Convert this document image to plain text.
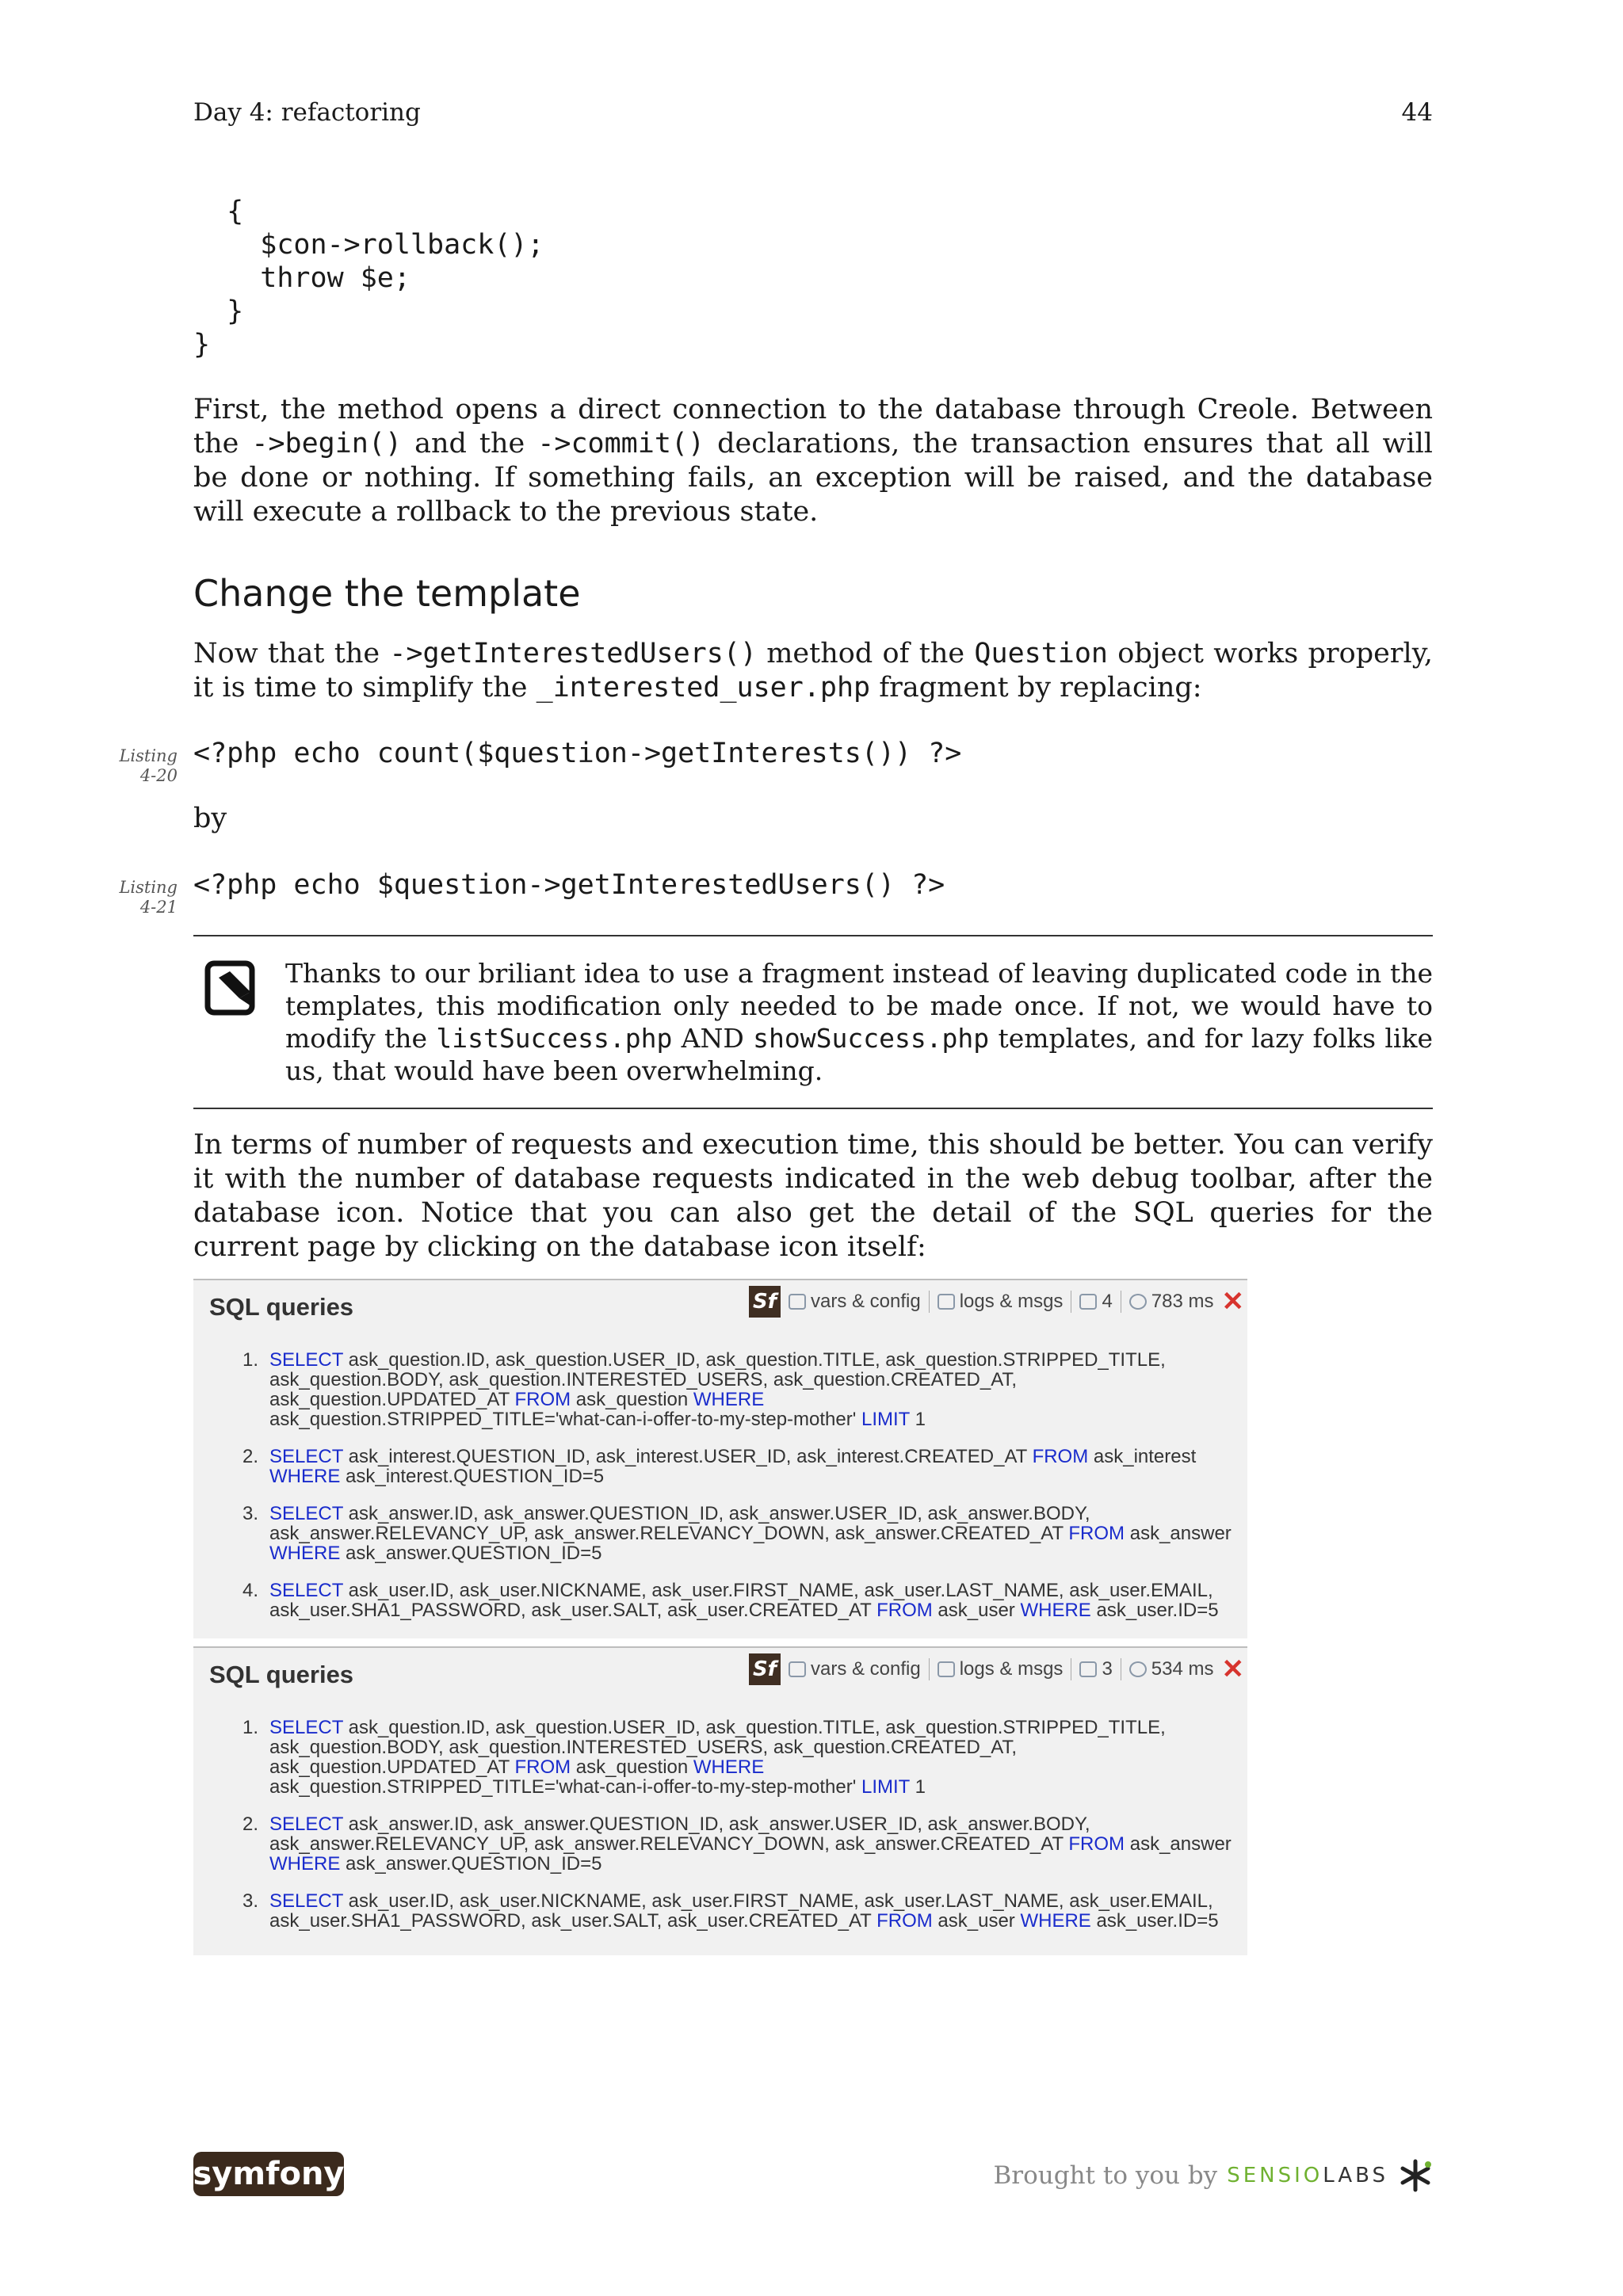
Day 4: refactoring	44
{
$con->rollback();
throw $e;
}
}
First, the method opens a direct connection to the database through Creole. Between the ->begin() and the ->commit() declarations, the transaction ensures that all will be done or nothing. If something fails, an exception will be raised, and the database will execute a rollback to the previous state.
Change the template
Now that the ->getInterestedUsers() method of the Question object works properly, it is time to simplify the _interested_user.php fragment by replacing:
Listing
4-20
<?php echo count($question->getInterests()) ?>
by
Listing
4-21
<?php echo $question->getInterestedUsers() ?>
Thanks to our briliant idea to use a fragment instead of leaving duplicated code in the templates, this modification only needed to be made once. If not, we would have to modify the listSuccess.php AND showSuccess.php templates, and for lazy folks like us, that would have been overwhelming.
In terms of number of requests and execution time, this should be better. You can verify it with the number of database requests indicated in the web debug toolbar, after the database icon. Notice that you can also get the detail of the SQL queries for the current page by clicking on the database icon itself:
SQL queries	Sf vars & config logs & msgs 4 783 ms ✕
1. SELECT ask_question.ID, ask_question.USER_ID, ask_question.TITLE, ask_question.STRIPPED_TITLE,
ask_question.BODY, ask_question.INTERESTED_USERS, ask_question.CREATED_AT,
ask_question.UPDATED_AT FROM ask_question WHERE
ask_question.STRIPPED_TITLE='what-can-i-offer-to-my-step-mother' LIMIT 1
2. SELECT ask_interest.QUESTION_ID, ask_interest.USER_ID, ask_interest.CREATED_AT FROM ask_interest
WHERE ask_interest.QUESTION_ID=5
3. SELECT ask_answer.ID, ask_answer.QUESTION_ID, ask_answer.USER_ID, ask_answer.BODY,
ask_answer.RELEVANCY_UP, ask_answer.RELEVANCY_DOWN, ask_answer.CREATED_AT FROM ask_answer
WHERE ask_answer.QUESTION_ID=5
4. SELECT ask_user.ID, ask_user.NICKNAME, ask_user.FIRST_NAME, ask_user.LAST_NAME, ask_user.EMAIL,
ask_user.SHA1_PASSWORD, ask_user.SALT, ask_user.CREATED_AT FROM ask_user WHERE ask_user.ID=5
SQL queries	Sf vars & config logs & msgs 3 534 ms ✕
1. SELECT ask_question.ID, ask_question.USER_ID, ask_question.TITLE, ask_question.STRIPPED_TITLE,
ask_question.BODY, ask_question.INTERESTED_USERS, ask_question.CREATED_AT,
ask_question.UPDATED_AT FROM ask_question WHERE
ask_question.STRIPPED_TITLE='what-can-i-offer-to-my-step-mother' LIMIT 1
2. SELECT ask_answer.ID, ask_answer.QUESTION_ID, ask_answer.USER_ID, ask_answer.BODY,
ask_answer.RELEVANCY_UP, ask_answer.RELEVANCY_DOWN, ask_answer.CREATED_AT FROM ask_answer
WHERE ask_answer.QUESTION_ID=5
3. SELECT ask_user.ID, ask_user.NICKNAME, ask_user.FIRST_NAME, ask_user.LAST_NAME, ask_user.EMAIL,
ask_user.SHA1_PASSWORD, ask_user.SALT, ask_user.CREATED_AT FROM ask_user WHERE ask_user.ID=5
symfony	Brought to you by SENSIOLABS
